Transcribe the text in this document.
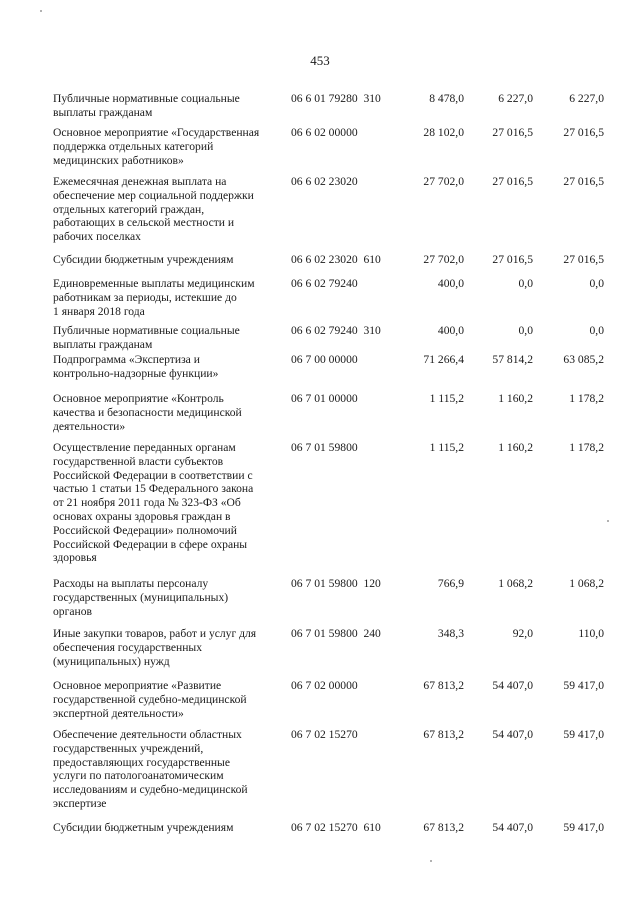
453
Публичные нормативные социальные
выплаты гражданам
06 6 01 79280  310	8 478,0	6 227,0	6 227,0
Основное мероприятие «Государственная
поддержка отдельных категорий
медицинских работников»
06 6 02 00000	28 102,0	27 016,5	27 016,5
Ежемесячная денежная выплата на
обеспечение мер социальной поддержки
отдельных категорий граждан,
работающих в сельской местности и
рабочих поселках
06 6 02 23020	27 702,0	27 016,5	27 016,5
Субсидии бюджетным учреждениям	06 6 02 23020  610	27 702,0	27 016,5	27 016,5
Единовременные выплаты медицинским
работникам за периоды, истекшие до
1 января 2018 года
06 6 02 79240	400,0	0,0	0,0
Публичные нормативные социальные
выплаты гражданам
06 6 02 79240  310	400,0	0,0	0,0
Подпрограмма «Экспертиза и
контрольно-надзорные функции»
06 7 00 00000	71 266,4	57 814,2	63 085,2
Основное мероприятие «Контроль
качества и безопасности медицинской
деятельности»
06 7 01 00000	1 115,2	1 160,2	1 178,2
Осуществление переданных органам
государственной власти субъектов
Российской Федерации в соответствии с
частью 1 статьи 15 Федерального закона
от 21 ноября 2011 года № 323-ФЗ «Об
основах охраны здоровья граждан в
Российской Федерации» полномочий
Российской Федерации в сфере охраны
здоровья
06 7 01 59800	1 115,2	1 160,2	1 178,2
Расходы на выплаты персоналу
государственных (муниципальных)
органов
06 7 01 59800  120	766,9	1 068,2	1 068,2
Иные закупки товаров, работ и услуг для
обеспечения государственных
(муниципальных) нужд
06 7 01 59800  240	348,3	92,0	110,0
Основное мероприятие «Развитие
государственной судебно-медицинской
экспертной деятельности»
06 7 02 00000	67 813,2	54 407,0	59 417,0
Обеспечение деятельности областных
государственных учреждений,
предоставляющих государственные
услуги по патологоанатомическим
исследованиям и судебно-медицинской
экспертизе
06 7 02 15270	67 813,2	54 407,0	59 417,0
Субсидии бюджетным учреждениям	06 7 02 15270  610	67 813,2	54 407,0	59 417,0
